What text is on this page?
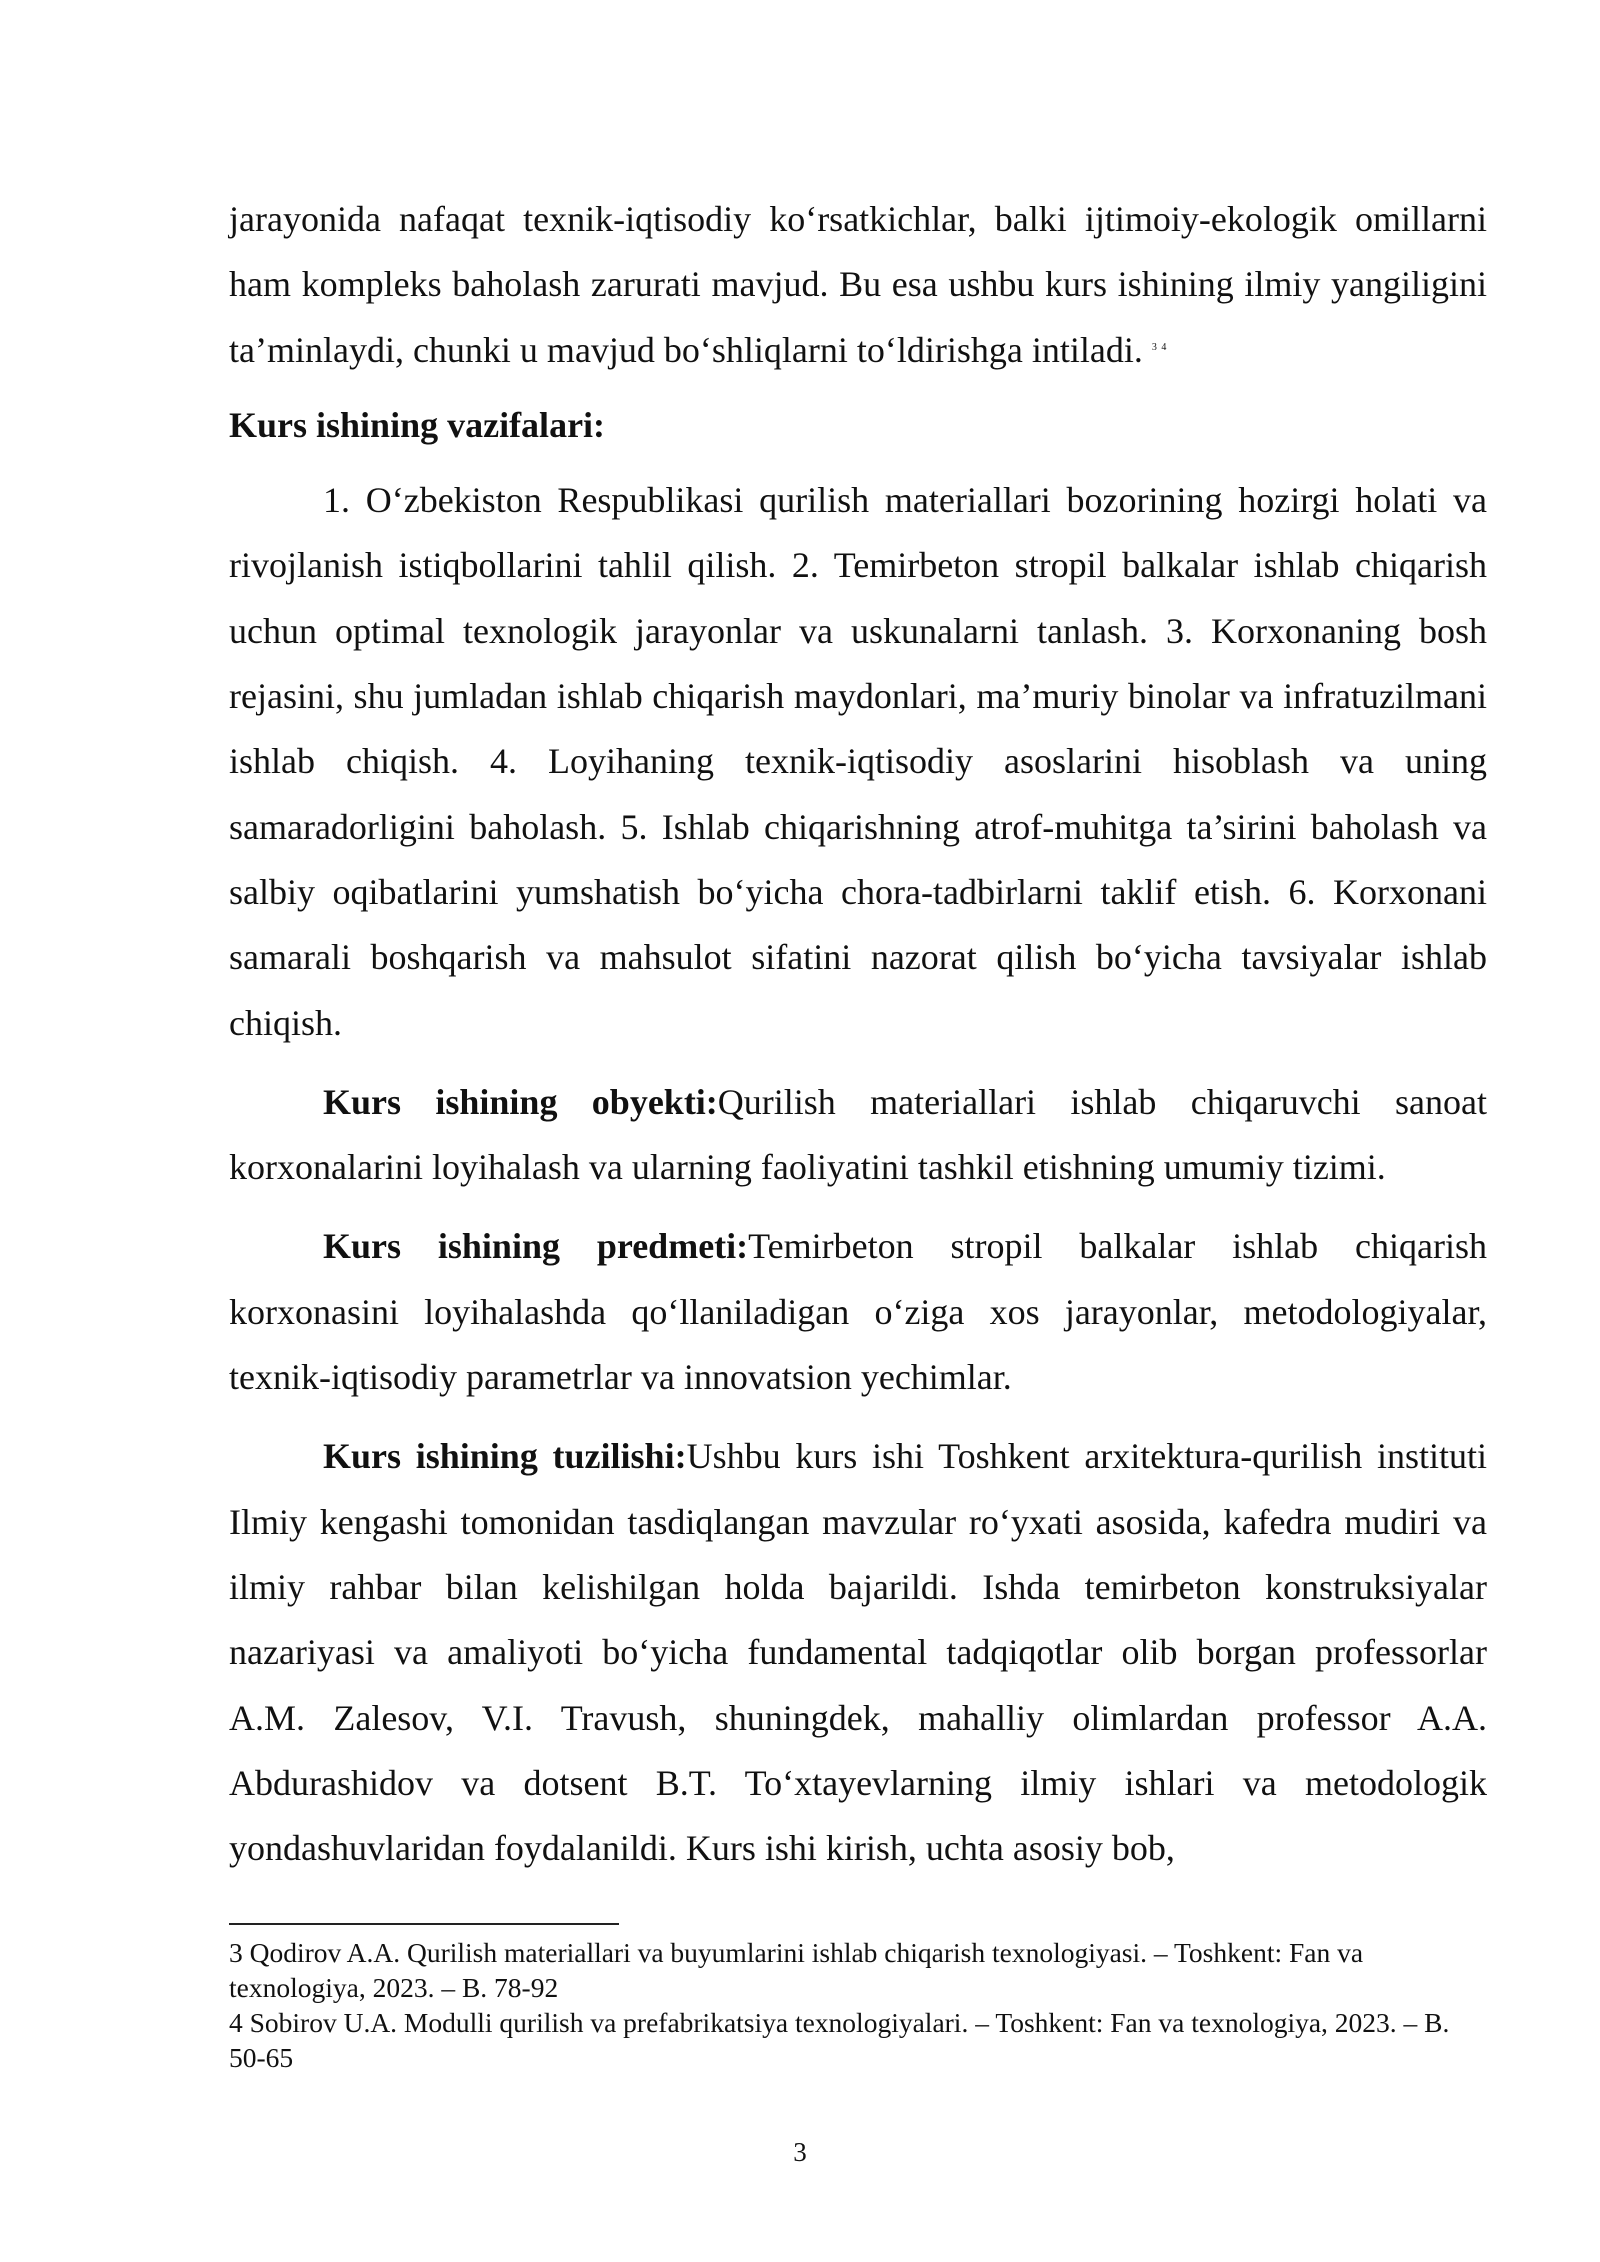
jarayonida nafaqat texnik-iqtisodiy ko‘rsatkichlar, balki ijtimoiy-ekologik omillarni ham kompleks baholash zarurati mavjud. Bu esa ushbu kurs ishining ilmiy yangiligini ta’minlaydi, chunki u mavjud bo‘shliqlarni to‘ldirishga intiladi. $^{3 4}$

Kurs ishining vazifalari:

1. O‘zbekiston Respublikasi qurilish materiallari bozorining hozirgi holati va rivojlanish istiqbollarini tahlil qilish. 2. Temirbeton stropil balkalar ishlab chiqarish uchun optimal texnologik jarayonlar va uskunalarni tanlash. 3. Korxonaning bosh rejasini, shu jumladan ishlab chiqarish maydonlari, ma’muriy binolar va infratuzilmani ishlab chiqish. 4. Loyihaning texnik-iqtisodiy asoslarini hisoblash va uning samaradorligini baholash. 5. Ishlab chiqarishning atrof-muhitga ta’sirini baholash va salbiy oqibatlarini yumshatish bo‘yicha chora-tadbirlarni taklif etish. 6. Korxonani samarali boshqarish va mahsulot sifatini nazorat qilish bo‘yicha tavsiyalar ishlab chiqish.

Kurs ishining obyekti:Qurilish materiallari ishlab chiqaruvchi sanoat korxonalarini loyihalash va ularning faoliyatini tashkil etishning umumiy tizimi.

Kurs ishining predmeti:Temirbeton stropil balkalar ishlab chiqarish korxonasini loyihalashda qo‘llaniladigan o‘ziga xos jarayonlar, metodologiyalar, texnik-iqtisodiy parametrlar va innovatsion yechimlar.

Kurs ishining tuzilishi:Ushbu kurs ishi Toshkent arxitektura-qurilish instituti Ilmiy kengashi tomonidan tasdiqlangan mavzular ro‘yxati asosida, kafedra mudiri va ilmiy rahbar bilan kelishilgan holda bajarildi. Ishda temirbeton konstruksiyalar nazariyasi va amaliyoti bo‘yicha fundamental tadqiqotlar olib borgan professorlar A.M. Zalesov, V.I. Travush, shuningdek, mahalliy olimlardan professor A.A. Abdurashidov va dotsent B.T. To‘xtayevlarning ilmiy ishlari va metodologik yondashuvlaridan foydalanildi. Kurs ishi kirish, uchta asosiy bob,

3 Qodirov A.A. Qurilish materiallari va buyumlarini ishlab chiqarish texnologiyasi. – Toshkent: Fan va texnologiya, 2023. – B. 78-92

4 Sobirov U.A. Modulli qurilish va prefabrikatsiya texnologiyalari. – Toshkent: Fan va texnologiya, 2023. – B. 50-65

3
